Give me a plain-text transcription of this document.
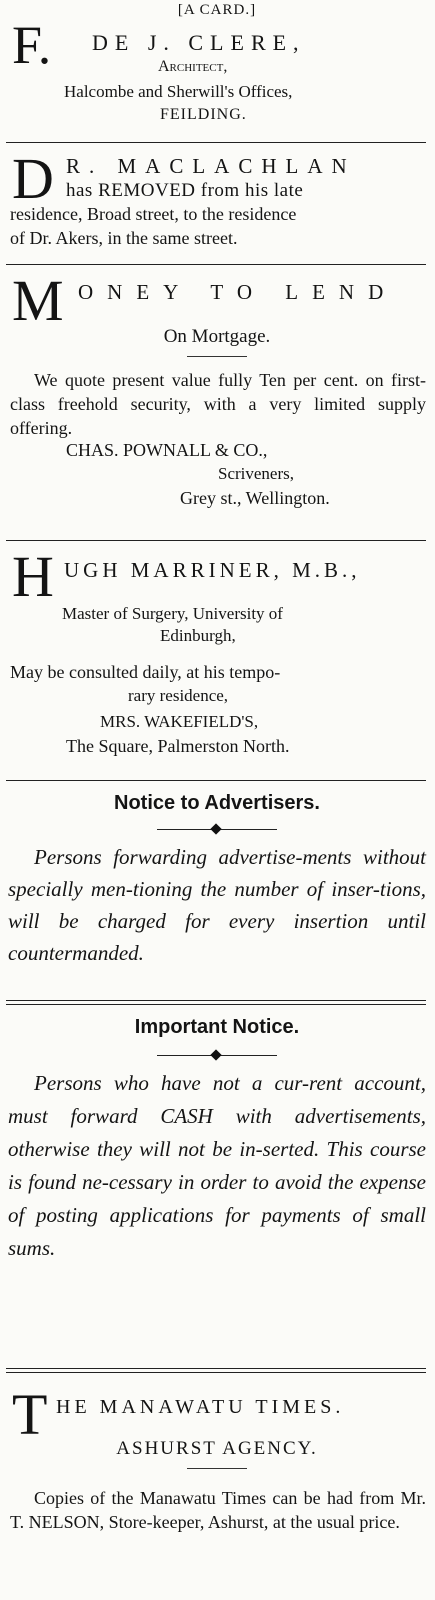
[A CARD.]
F. DE J. CLERE,
Architect,
Halcombe and Sherwill's Offices,
FEILDING.
D R. MACLACHLAN
has REMOVED from his late
residence, Broad street, to the residence
of Dr. Akers, in the same street.
M ONEY TO LEND
On Mortgage.

We quote present value fully Ten per cent. on first-class freehold security, with a very limited supply offering.

CHAS. POWNALL & CO.,
Scriveners,
Grey st., Wellington.
H UGH MARRINER, M.B.,
Master of Surgery, University of
Edinburgh,
May be consulted daily, at his tempo-
rary residence,
MRS. WAKEFIELD'S,
The Square, Palmerston North.
Notice to Advertisers.

Persons forwarding advertise-ments without specially men-tioning the number of inser-tions, will be charged for every insertion until countermanded.

Important Notice.

Persons who have not a cur-rent account, must forward CASH with advertisements, otherwise they will not be in-serted. This course is found ne-cessary in order to avoid the expense of posting applications for payments of small sums.

T HE MANAWATU TIMES.
ASHURST AGENCY.

Copies of the Manawatu Times can be had from Mr. T. NELSON, Store-keeper, Ashurst, at the usual price.
